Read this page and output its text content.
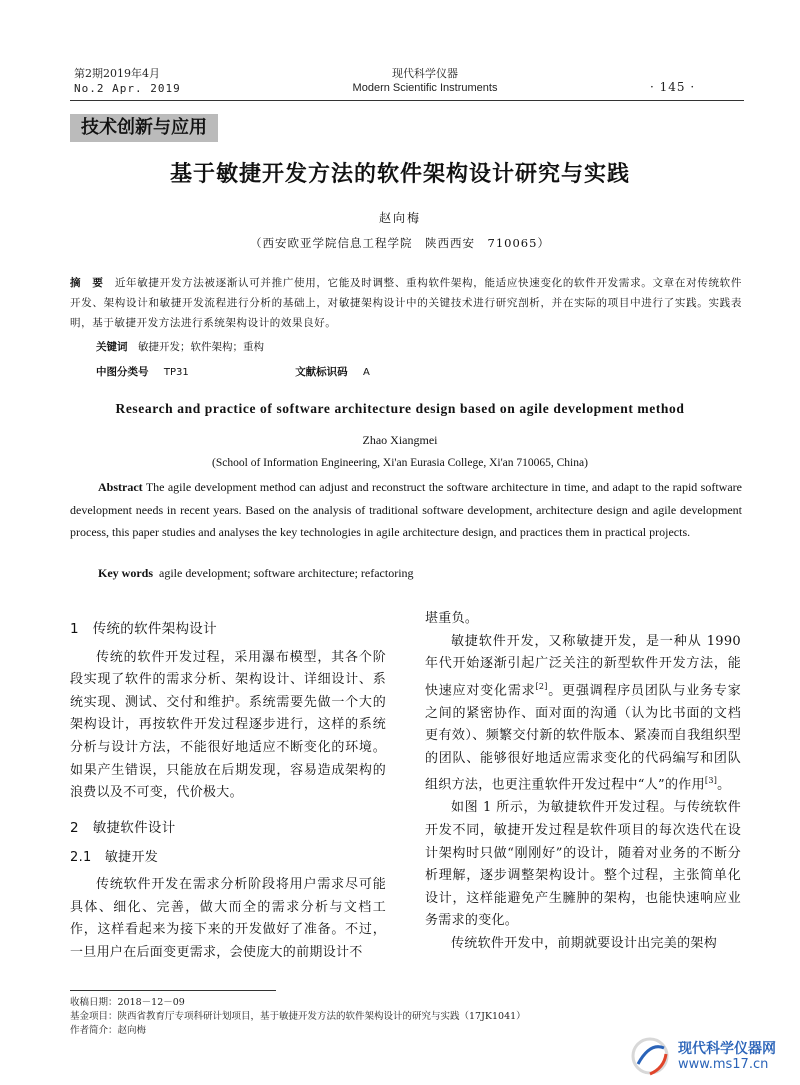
第2期2019年4月
No.2 Apr. 2019
现代科学仪器
Modern Scientific Instruments	· 145 ·
技术创新与应用
基于敏捷开发方法的软件架构设计研究与实践
赵向梅
（西安欧亚学院信息工程学院　陕西西安　710065）
摘　要　 近年敏捷开发方法被逐渐认可并推广使用，它能及时调整、重构软件架构，能适应快速变化的软件开发需求。文章在对传统软件开发、架构设计和敏捷开发流程进行分析的基础上，对敏捷架构设计中的关键技术进行研究剖析，并在实际的项目中进行了实践。实践表明，基于敏捷开发方法进行系统架构设计的效果良好。
关键词　 敏捷开发；软件架构；重构
中图分类号 TP31	文献标识码 A
Research and practice of software architecture design based on agile development method
Zhao Xiangmei
(School of Information Engineering, Xi'an Eurasia College, Xi'an 710065, China)
Abstract The agile development method can adjust and reconstruct the software architecture in time, and adapt to the rapid software development needs in recent years. Based on the analysis of traditional software development, architecture design and agile development process, this paper studies and analyses the key technologies in agile architecture design, and practices them in practical projects.
Key words agile development; software architecture; refactoring
1　传统的软件架构设计

传统的软件开发过程，采用瀑布模型，其各个阶段实现了软件的需求分析、架构设计、详细设计、系统实现、测试、交付和维护。系统需要先做一个大的架构设计，再按软件开发过程逐步进行，这样的系统分析与设计方法，不能很好地适应不断变化的环境。如果产生错误，只能放在后期发现，容易造成架构的浪费以及不可变，代价极大。

2　敏捷软件设计
2.1　敏捷开发

传统软件开发在需求分析阶段将用户需求尽可能具体、细化、完善，做大而全的需求分析与文档工作，这样看起来为接下来的开发做好了准备。不过，一旦用户在后面变更需求，会使庞大的前期设计不

堪重负。

敏捷软件开发，又称敏捷开发，是一种从 1990 年代开始逐渐引起广泛关注的新型软件开发方法，能快速应对变化需求[2]。更强调程序员团队与业务专家之间的紧密协作、面对面的沟通（认为比书面的文档更有效）、频繁交付新的软件版本、紧凑而自我组织型的团队、能够很好地适应需求变化的代码编写和团队组织方法，也更注重软件开发过程中“人”的作用[3]。

如图 1 所示，为敏捷软件开发过程。与传统软件开发不同，敏捷开发过程是软件项目的每次迭代在设计架构时只做“刚刚好”的设计，随着对业务的不断分析理解，逐步调整架构设计。整个过程，主张简单化设计，这样能避免产生臃肿的架构，也能快速响应业务需求的变化。

传统软件开发中，前期就要设计出完美的架构

收稿日期：2018－12－09
基金项目：陕西省教育厅专项科研计划项目，基于敏捷开发方法的软件架构设计的研究与实践（17JK1041）
作者简介：赵向梅
现代科学仪器网
www.ms17.cn
